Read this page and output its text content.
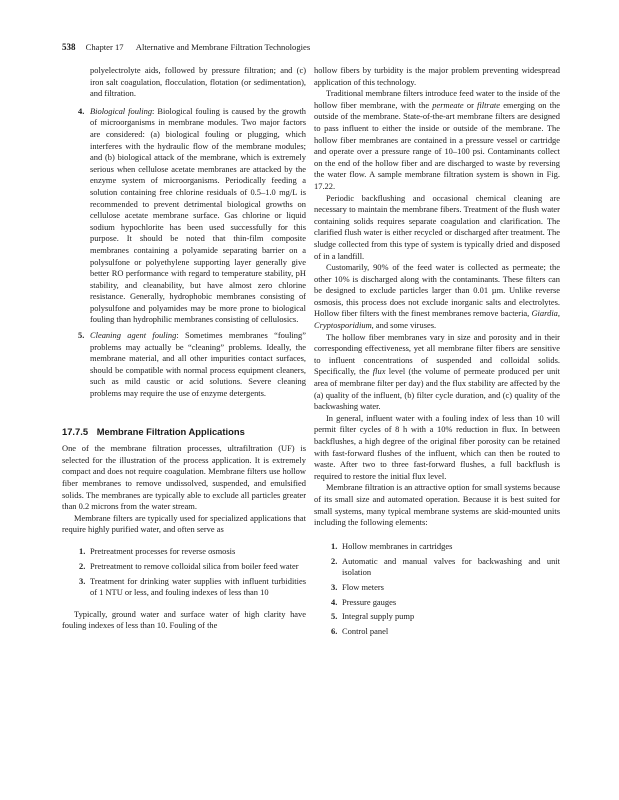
538 Chapter 17 Alternative and Membrane Filtration Technologies

polyelectrolyte aids, followed by pressure filtration; and (c) iron salt coagulation, flocculation, flotation (or sedimentation), and filtration.

4. Biological fouling: Biological fouling is caused by the growth of microorganisms in membrane modules. Two major factors are considered: (a) biological fouling or plugging, which interferes with the hydraulic flow of the membrane modules; and (b) biological attack of the membrane, which is extremely serious when cellulose acetate membranes are attacked by the enzyme system of microorganisms. Periodically feeding a solution containing free chlorine residuals of 0.5–1.0 mg/L is recommended to prevent detrimental biological growths on cellulose acetate membrane surface. Gas chlorine or liquid sodium hypochlorite has been used successfully for this purpose. It should be noted that thin-film composite membranes containing a polyamide separating barrier on a polysulfone or polyethylene supporting layer generally give better RO performance with regard to temperature stability, pH stability, and cleanability, but have almost zero chlorine resistance. Generally, hydrophobic membranes consisting of polysulfone and polyamides may be more prone to biological fouling than hydrophilic membranes consisting of cellulosics.
5. Cleaning agent fouling: Sometimes membranes “fouling” problems may actually be “cleaning” problems. Ideally, the membrane material, and all other impurities contact surfaces, should be compatible with normal process equipment cleaners, such as mild caustic or acid solutions. Severe cleaning problems may require the use of enzyme detergents.
17.7.5 Membrane Filtration Applications

One of the membrane filtration processes, ultrafiltration (UF) is selected for the illustration of the process application. It is extremely compact and does not require coagulation. Membrane filters use hollow fiber membranes to remove undissolved, suspended, and emulsified solids. The membranes are typically able to exclude all particles greater than 0.2 microns from the water stream.

Membrane filters are typically used for specialized applications that require highly purified water, and often serve as

1. Pretreatment processes for reverse osmosis
2. Pretreatment to remove colloidal silica from boiler feed water
3. Treatment for drinking water supplies with influent turbidities of 1 NTU or less, and fouling indexes of less than 10

Typically, ground water and surface water of high clarity have fouling indexes of less than 10. Fouling of the

hollow fibers by turbidity is the major problem preventing widespread application of this technology.

Traditional membrane filters introduce feed water to the inside of the hollow fiber membrane, with the permeate or filtrate emerging on the outside of the membrane. State-of-the-art membrane filters are designed to pass influent to either the inside or outside of the membrane. The hollow fiber membranes are contained in a pressure vessel or cartridge and operate over a pressure range of 10–100 psi. Contaminants collect on the end of the hollow fiber and are discharged to waste by reversing the water flow. A sample membrane filtration system is shown in Fig. 17.22.

Periodic backflushing and occasional chemical cleaning are necessary to maintain the membrane fibers. Treatment of the flush water containing solids requires separate coagulation and clarification. The clarified flush water is either recycled or discharged after treatment. The sludge collected from this type of system is typically dried and disposed of in a landfill.

Customarily, 90% of the feed water is collected as permeate; the other 10% is discharged along with the contaminants. These filters can be designed to exclude particles larger than 0.01 µm. Unlike reverse osmosis, this process does not exclude inorganic salts and electrolytes. Hollow fiber filters with the finest membranes remove bacteria, Giardia, Cryptosporidium, and some viruses.

The hollow fiber membranes vary in size and porosity and in their corresponding effectiveness, yet all membrane filter fibers are sensitive to influent concentrations of suspended and colloidal solids. Specifically, the flux level (the volume of permeate produced per unit area of membrane filter per day) and the flux stability are affected by the (a) quality of the influent, (b) filter cycle duration, and (c) quality of the backwashing water.

In general, influent water with a fouling index of less than 10 will permit filter cycles of 8 h with a 10% reduction in flux. In between backflushes, a high degree of the original fiber porosity can be retained with fast-forward flushes of the influent, which can then be routed to waste. After two to three fast-forward flushes, a full backflush is required to restore the initial flux level.

Membrane filtration is an attractive option for small systems because of its small size and automated operation. Because it is best suited for small systems, many typical membrane systems are skid-mounted units including the following elements:

1. Hollow membranes in cartridges
2. Automatic and manual valves for backwashing and unit isolation
3. Flow meters
4. Pressure gauges
5. Integral supply pump
6. Control panel
